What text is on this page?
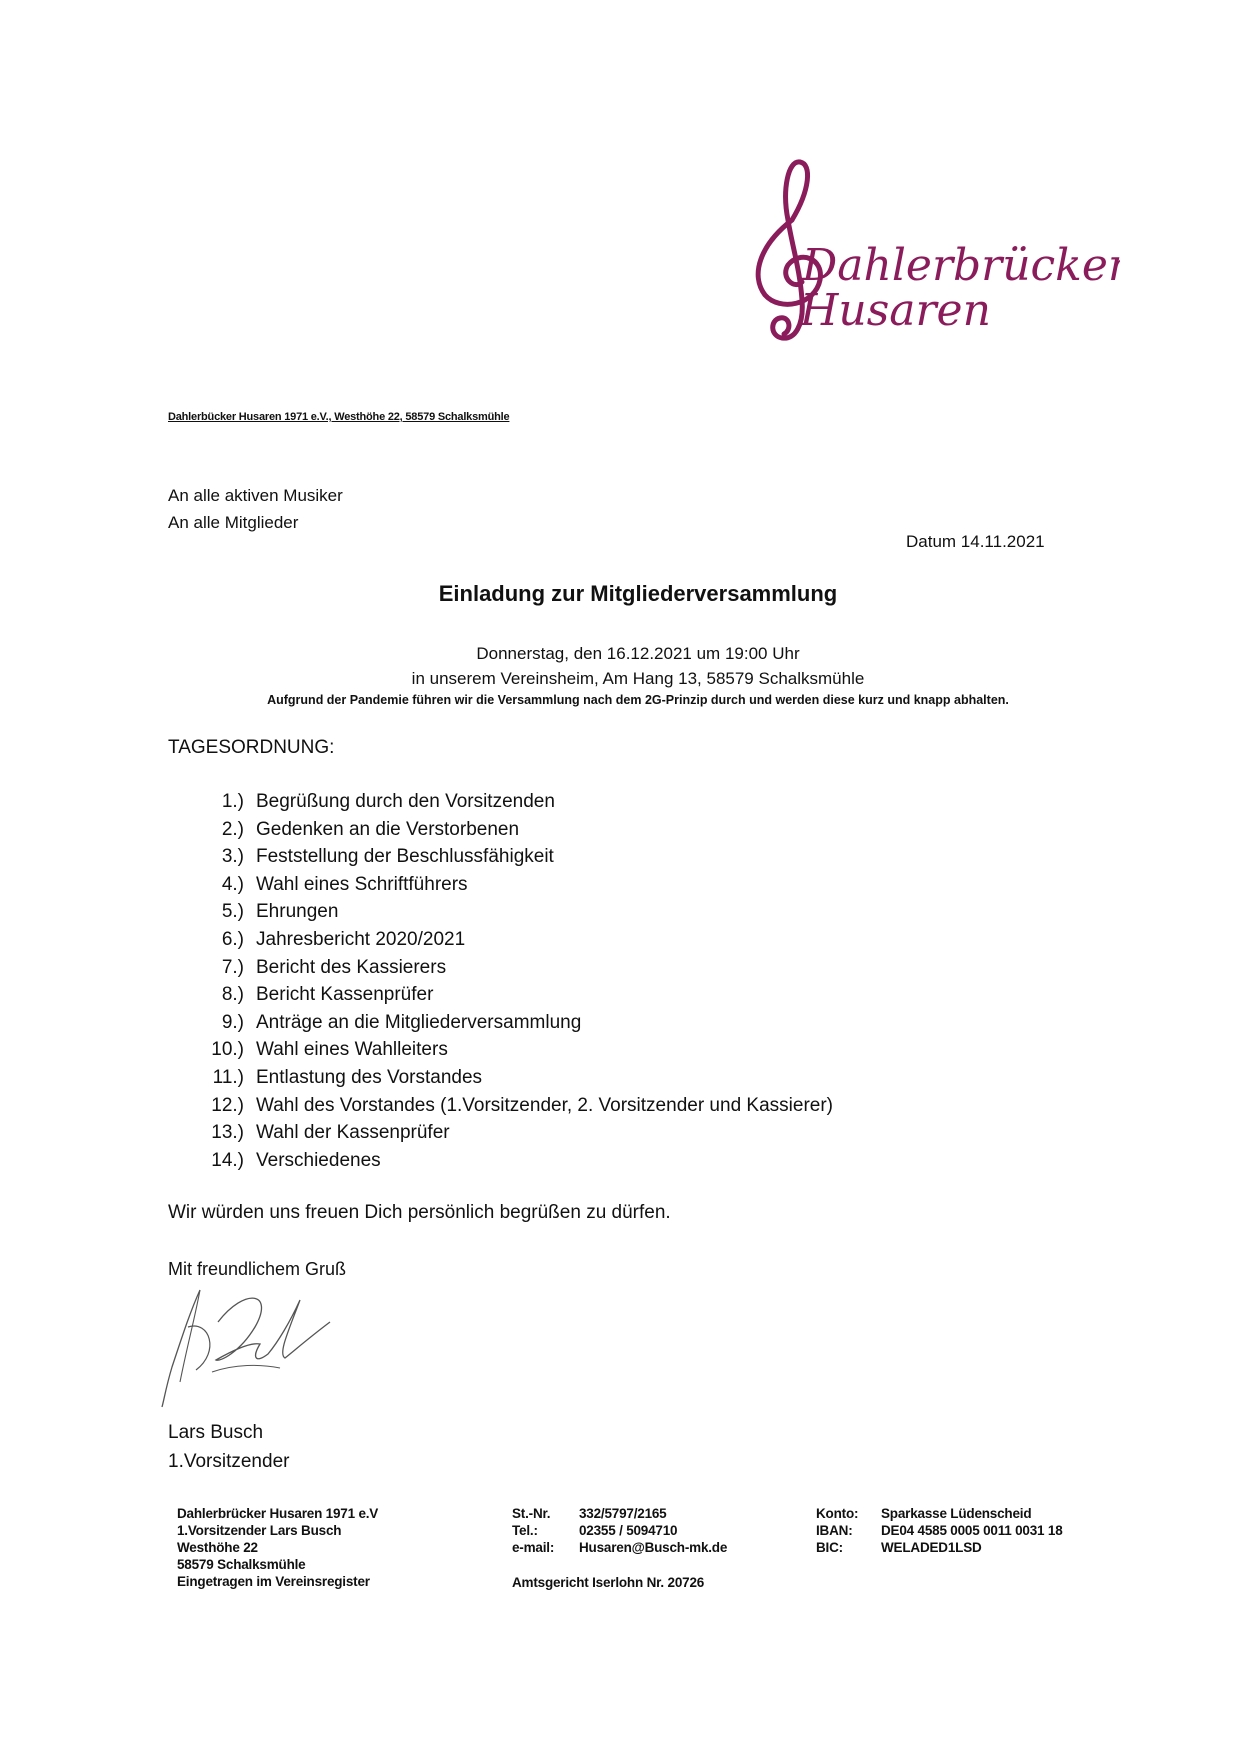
Dahlerbrücker
Husaren
Dahlerbücker Husaren 1971 e.V., Westhöhe 22, 58579 Schalksmühle
An alle aktiven Musiker
An alle Mitglieder
Datum 14.11.2021
Einladung zur Mitgliederversammlung
Donnerstag, den 16.12.2021 um 19:00 Uhr
in unserem Vereinsheim, Am Hang 13, 58579 Schalksmühle
Aufgrund der Pandemie führen wir die Versammlung nach dem 2G-Prinzip durch und werden diese kurz und knapp abhalten.
TAGESORDNUNG:
1.) Begrüßung durch den Vorsitzenden
2.) Gedenken an die Verstorbenen
3.) Feststellung der Beschlussfähigkeit
4.) Wahl eines Schriftführers
5.) Ehrungen
6.) Jahresbericht 2020/2021
7.) Bericht des Kassierers
8.) Bericht Kassenprüfer
9.) Anträge an die Mitgliederversammlung
10.) Wahl eines Wahlleiters
11.) Entlastung des Vorstandes
12.) Wahl des Vorstandes (1.Vorsitzender, 2. Vorsitzender und Kassierer)
13.) Wahl der Kassenprüfer
14.) Verschiedenes
Wir würden uns freuen Dich persönlich begrüßen zu dürfen.
Mit freundlichem Gruß
Lars Busch
1.Vorsitzender
Dahlerbrücker Husaren 1971 e.V
1.Vorsitzender Lars Busch
Westhöhe 22
58579 Schalksmühle
Eingetragen im Vereinsregister
St.-Nr.	332/5797/2165
Tel.:	02355 / 5094710
e-mail:	Husaren@Busch-mk.de
Amtsgericht Iserlohn Nr. 20726
Konto:	Sparkasse Lüdenscheid
IBAN:	DE04 4585 0005 0011 0031 18
BIC:	WELADED1LSD
